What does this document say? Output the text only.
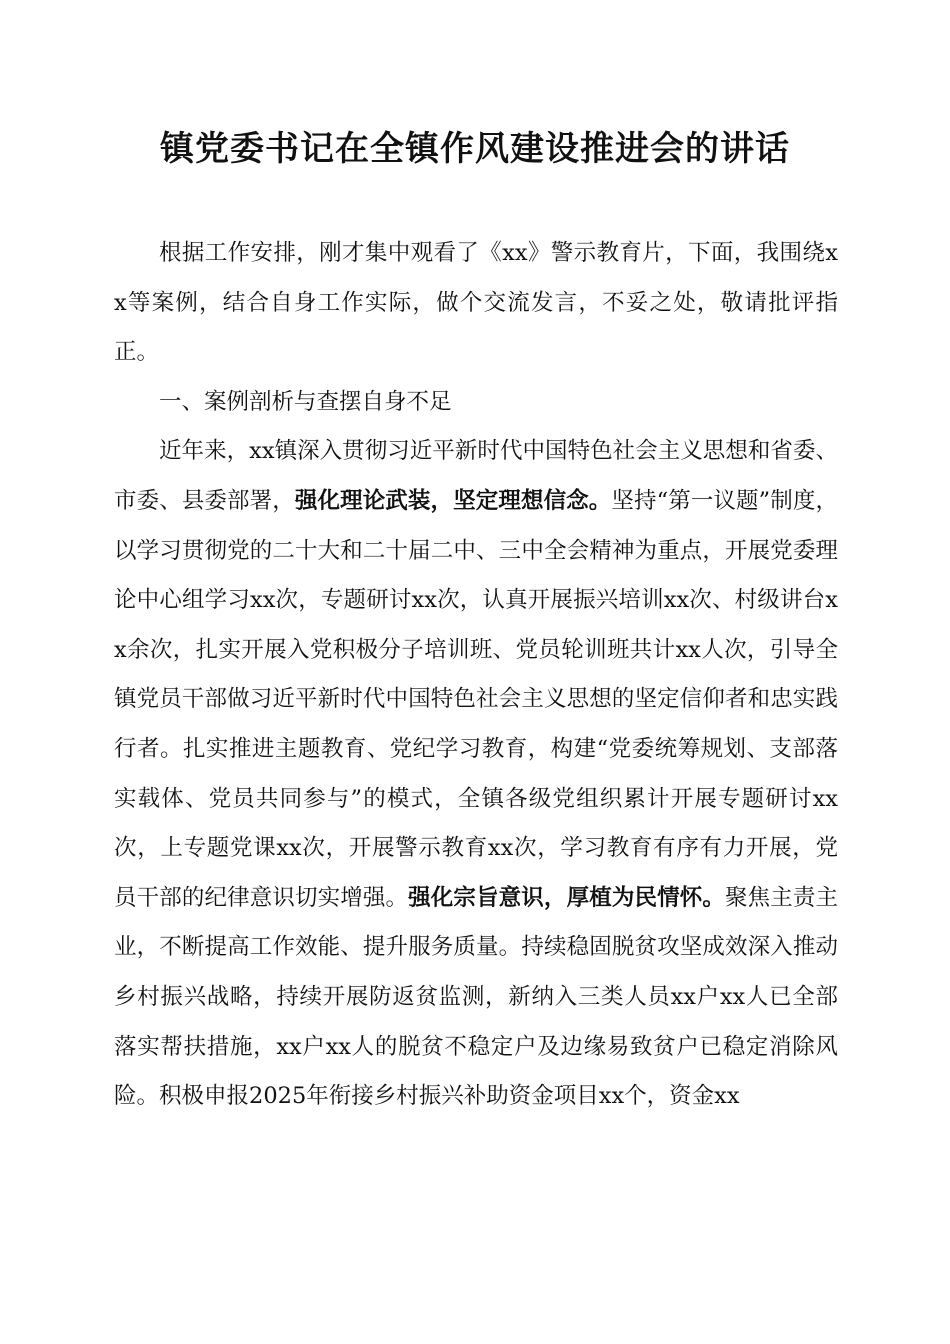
镇党委书记在全镇作风建设推进会的讲话

根据工作安排，刚才集中观看了《xx》警示教育片，下面，我围绕xx等案例，结合自身工作实际，做个交流发言，不妥之处，敬请批评指正。

一、案例剖析与查摆自身不足

近年来，xx镇深入贯彻习近平新时代中国特色社会主义思想和省委、市委、县委部署，强化理论武装，坚定理想信念。坚持“第一议题”制度，以学习贯彻党的二十大和二十届二中、三中全会精神为重点，开展党委理论中心组学习xx次，专题研讨xx次，认真开展振兴培训xx次、村级讲台xx余次，扎实开展入党积极分子培训班、党员轮训班共计xx人次，引导全镇党员干部做习近平新时代中国特色社会主义思想的坚定信仰者和忠实践行者。扎实推进主题教育、党纪学习教育，构建“党委统筹规划、支部落实载体、党员共同参与”的模式，全镇各级党组织累计开展专题研讨xx次，上专题党课xx次，开展警示教育xx次，学习教育有序有力开展，党员干部的纪律意识切实增强。强化宗旨意识，厚植为民情怀。聚焦主责主业，不断提高工作效能、提升服务质量。持续稳固脱贫攻坚成效深入推动乡村振兴战略，持续开展防返贫监测，新纳入三类人员xx户xx人已全部落实帮扶措施，xx户xx人的脱贫不稳定户及边缘易致贫户已稳定消除风险。积极申报2025年衔接乡村振兴补助资金项目xx个，资金xx
